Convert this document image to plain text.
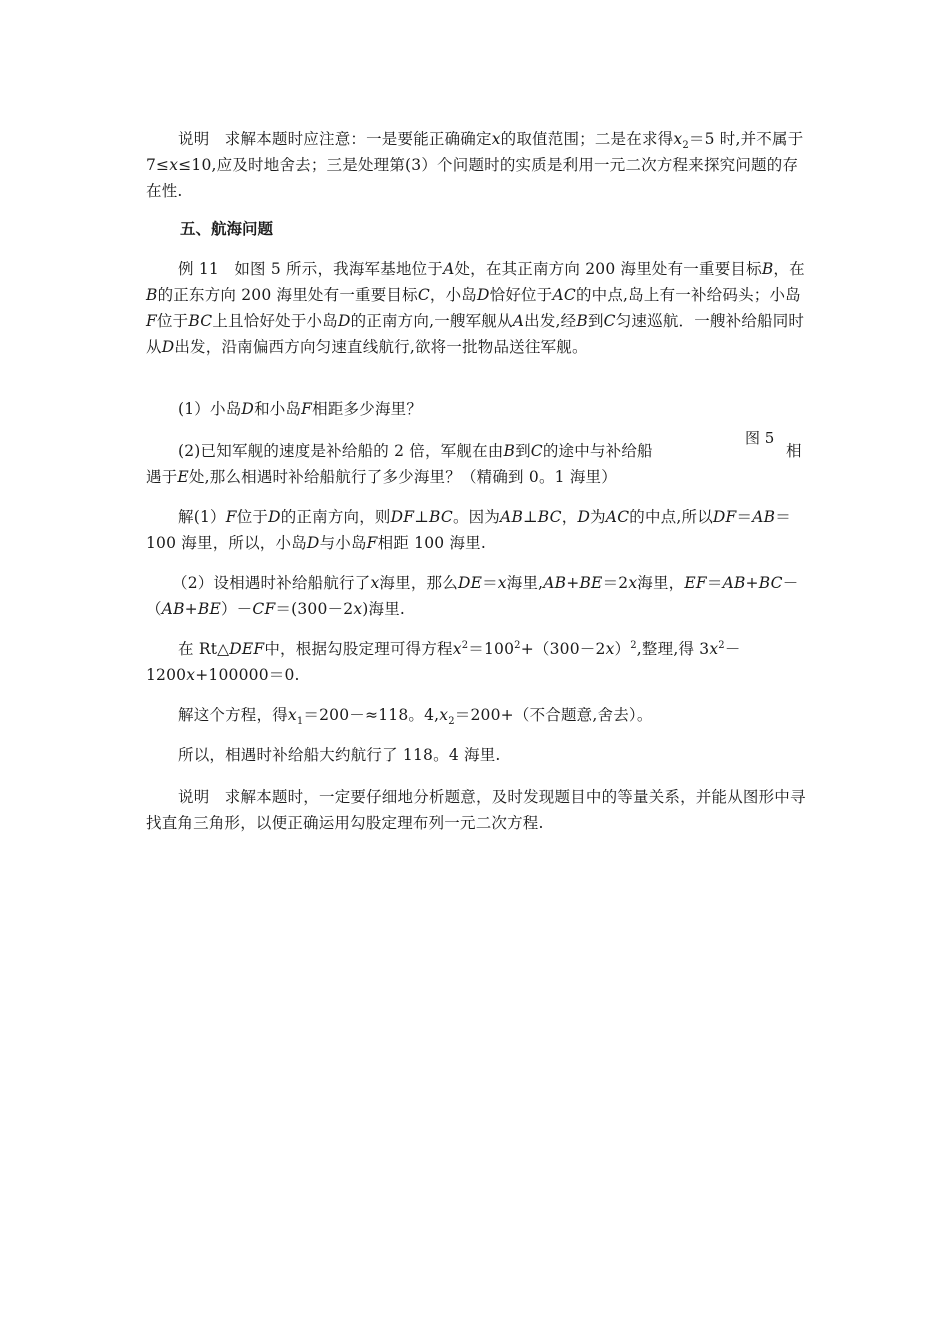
说明 求解本题时应注意：一是要能正确确定x的取值范围；二是在求得$x_2=5$ 时,并不属于 7≤x≤10,应及时地舍去；三是处理第(3）个问题时的实质是利用一元二次方程来探究问题的存在性.
五、航海问题
例 11 如图 5 所示，我海军基地位于A处，在其正南方向 200 海里处有一重要目标B，在B的正东方向 200 海里处有一重要目标C，小岛D恰好位于AC的中点,岛上有一补给码头；小岛F位于BC上且恰好处于小岛D的正南方向,一艘军舰从A出发,经B到C匀速巡航．一艘补给船同时从D出发，沿南偏西方向匀速直线航行,欲将一批物品送往军舰。
(1）小岛D和小岛F相距多少海里？
(2)已知军舰的速度是补给船的 2 倍，军舰在由B到C的途中与补给船
图 5
相
遇于E处,那么相遇时补给船航行了多少海里？（精确到 0。1 海里）
解(1）F位于D的正南方向，则DF⊥BC。因为AB⊥BC，D为AC的中点,所以DF＝AB＝100 海里，所以，小岛D与小岛F相距 100 海里.
（2）设相遇时补给船航行了x海里，那么DE＝x海里,AB+BE＝2x海里，EF＝AB+BC－（AB+BE）－CF＝(300－2x)海里.
在 Rt△DEF中，根据勾股定理可得方程$x^2=100^2+(300-2x)^2$,整理,得 $3x^2-1200x+100000=0$.
解这个方程，得$x_1=200-\approx 118$。$4,x_2=200+$（不合题意,舍去）。
所以，相遇时补给船大约航行了 118。4 海里.
说明 求解本题时，一定要仔细地分析题意，及时发现题目中的等量关系，并能从图形中寻找直角三角形，以便正确运用勾股定理布列一元二次方程.
